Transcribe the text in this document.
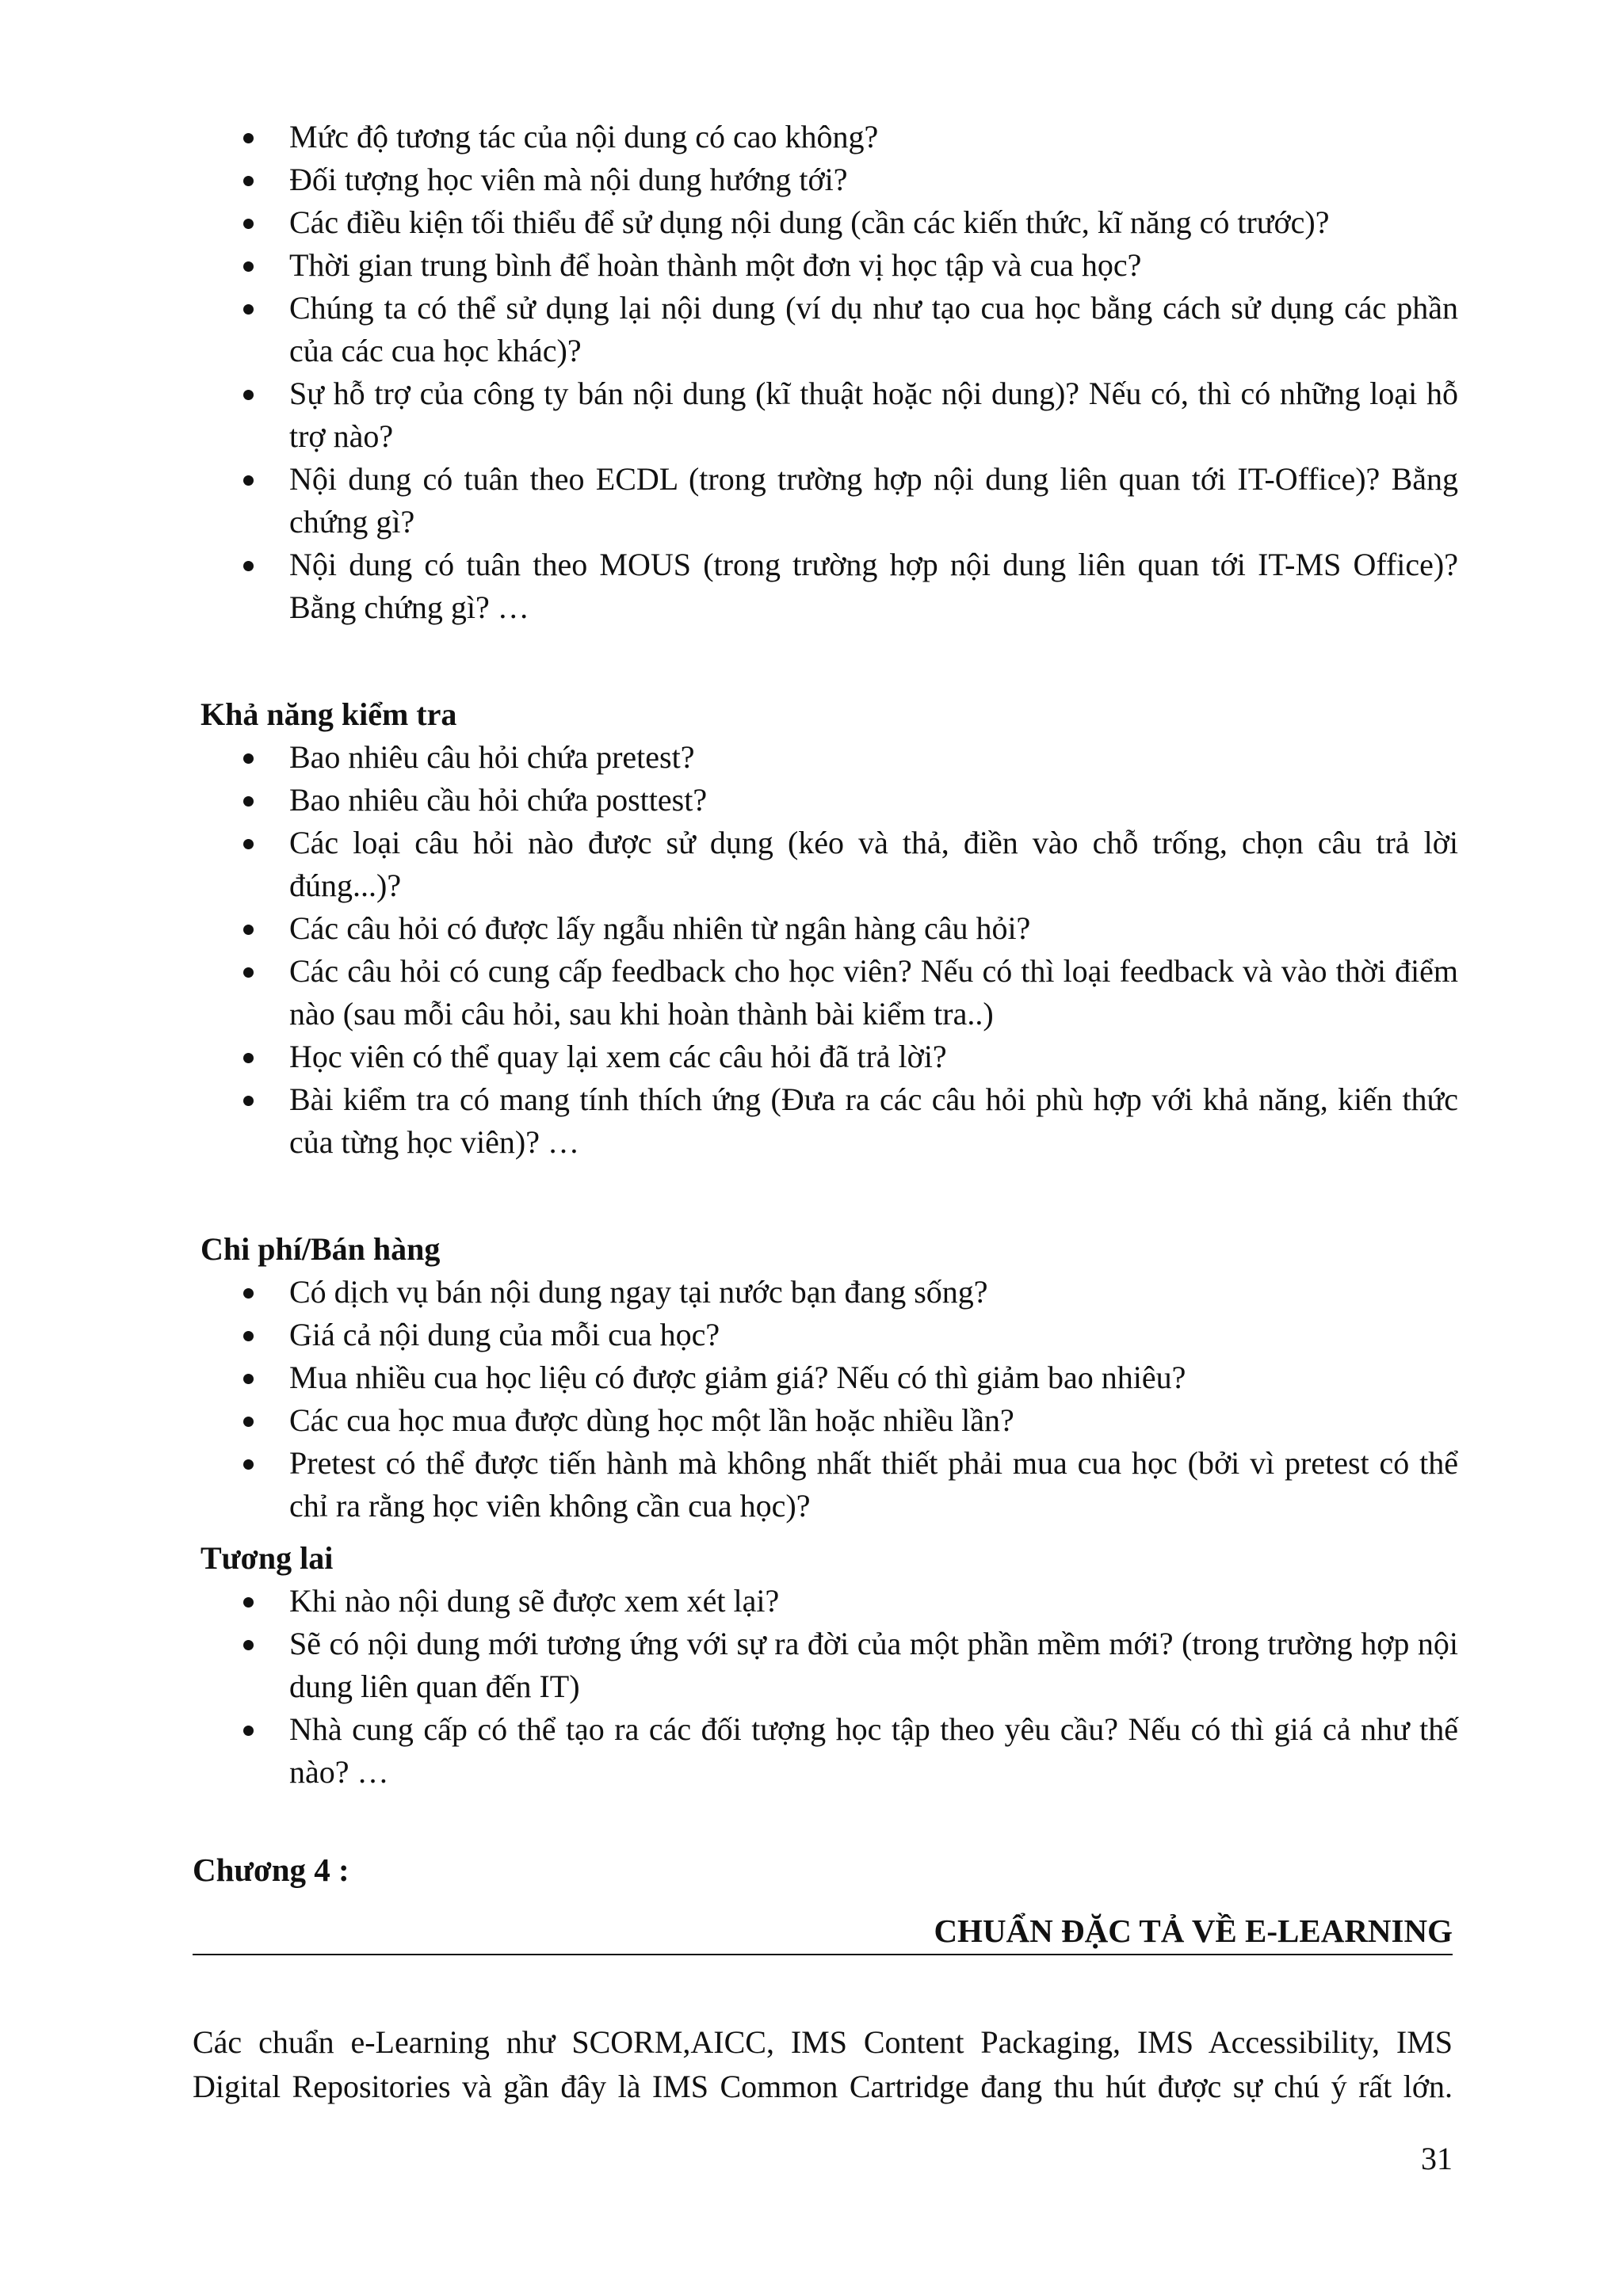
Mức độ tương tác của nội dung có cao không?
Đối tượng học viên mà nội dung hướng tới?
Các điều kiện tối thiểu để sử dụng nội dung (cần các kiến thức, kĩ năng có trước)?
Thời gian trung bình để hoàn thành một đơn vị học tập và cua học?
Chúng ta có thể sử dụng lại nội dung (ví dụ như tạo cua học bằng cách sử dụng các phần của các cua học khác)?
Sự hỗ trợ của công ty bán nội dung (kĩ thuật hoặc nội dung)? Nếu có, thì có những loại hỗ trợ nào?
Nội dung có tuân theo ECDL (trong trường hợp nội dung liên quan tới IT-Office)? Bằng chứng gì?
Nội dung có tuân theo MOUS (trong trường hợp nội dung liên quan tới IT-MS Office)? Bằng chứng gì? …
Khả năng kiểm tra
Bao nhiêu câu hỏi chứa pretest?
Bao nhiêu cầu hỏi chứa posttest?
Các loại câu hỏi nào được sử dụng (kéo và thả, điền vào chỗ trống, chọn câu trả lời đúng...)?
Các câu hỏi có được lấy ngẫu nhiên từ ngân hàng câu hỏi?
Các câu hỏi có cung cấp feedback cho học viên? Nếu có thì loại feedback và vào thời điểm nào (sau mỗi câu hỏi, sau khi hoàn thành bài kiểm tra..)
Học viên có thể quay lại xem các câu hỏi đã trả lời?
Bài kiểm tra có mang tính thích ứng (Đưa ra các câu hỏi phù hợp với khả năng, kiến thức của từng học viên)? …
Chi phí/Bán hàng
Có dịch vụ bán nội dung ngay tại nước bạn đang sống?
Giá cả nội dung của mỗi cua học?
Mua nhiều cua học liệu có được giảm giá? Nếu có thì giảm bao nhiêu?
Các cua học mua được dùng học một lần hoặc nhiều lần?
Pretest có thể được tiến hành mà không nhất thiết phải mua cua học (bởi vì pretest có thể chỉ ra rằng học viên không cần cua học)?
Tương lai
Khi nào nội dung sẽ được xem xét lại?
Sẽ có nội dung mới tương ứng với sự ra đời của một phần mềm mới? (trong trường hợp nội dung liên quan đến IT)
Nhà cung cấp có thể tạo ra các đối tượng học tập theo yêu cầu? Nếu có thì giá cả như thế nào? …
Chương 4 :
CHUẨN ĐẶC TẢ VỀ E-LEARNING
Các chuẩn e-Learning như SCORM,AICC, IMS Content Packaging, IMS Accessibility, IMS Digital Repositories và gần đây là IMS Common Cartridge đang thu hút được sự chú ý rất lớn.
31
